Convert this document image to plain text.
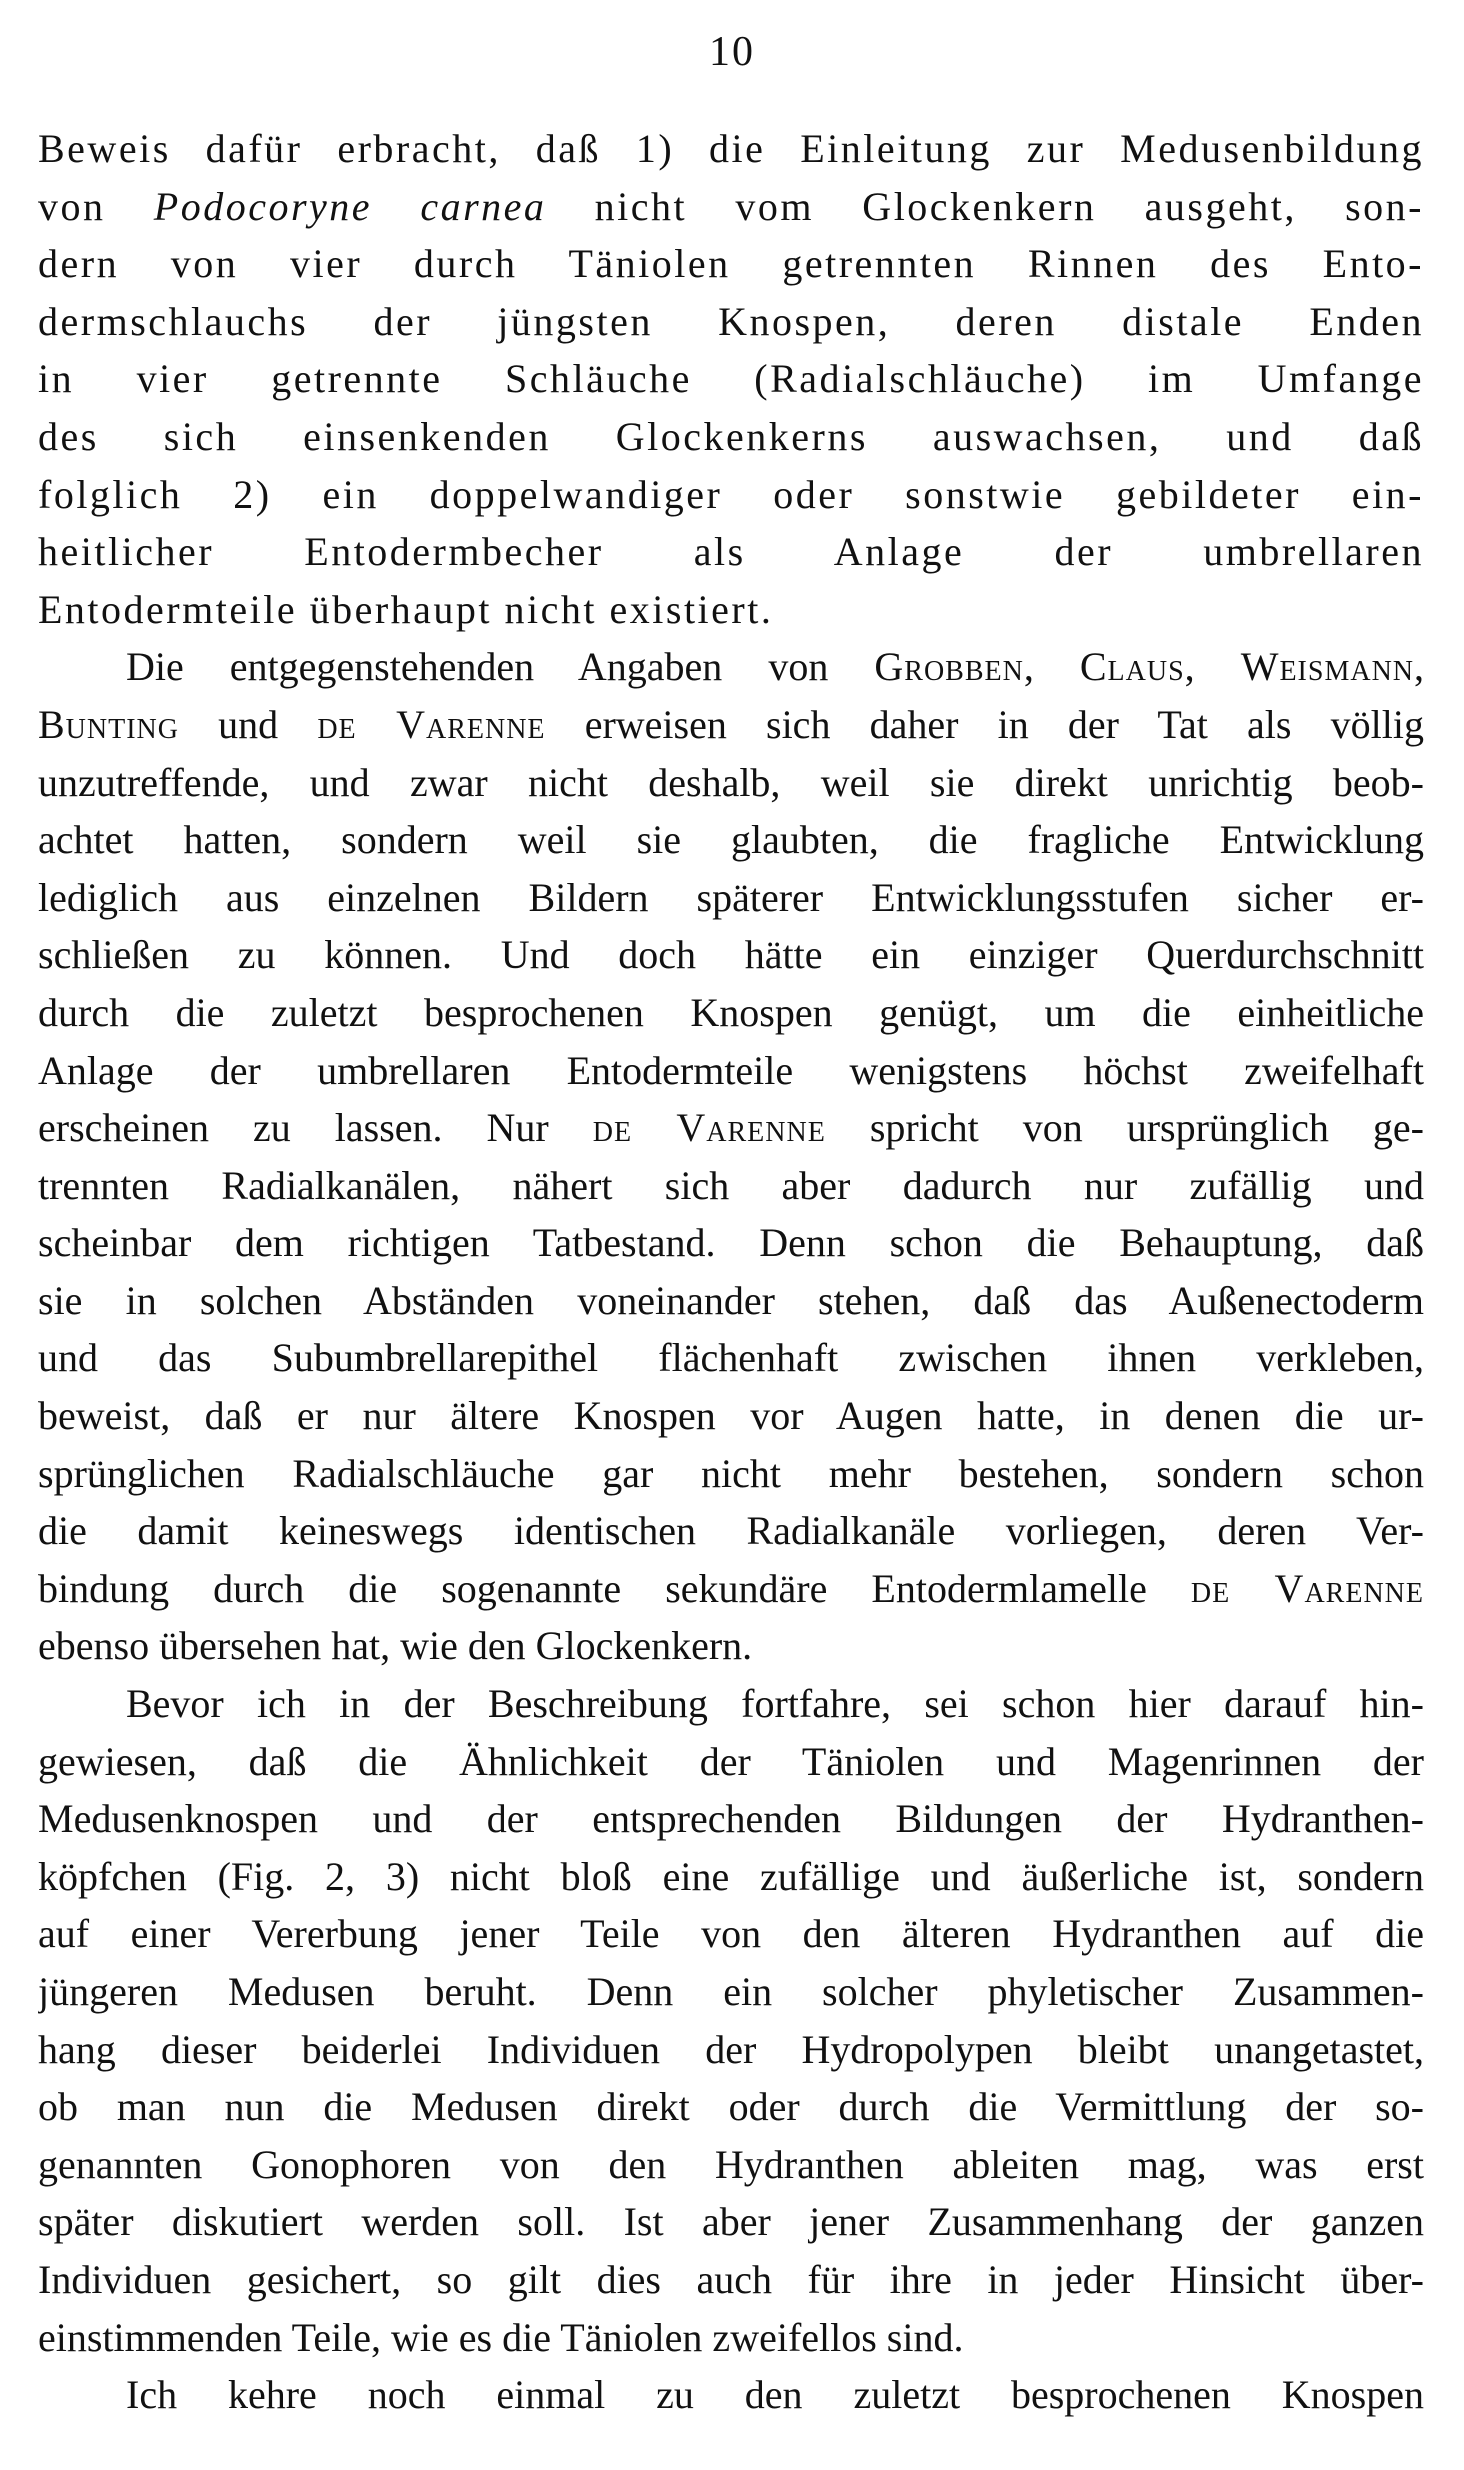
10
Beweis dafür erbracht, daß 1) die Einleitung zur Medusenbildung
von Podocoryne carnea nicht vom Glockenkern ausgeht, son-
dern von vier durch Täniolen getrennten Rinnen des Ento-
dermschlauchs der jüngsten Knospen, deren distale Enden
in vier getrennte Schläuche (Radialschläuche) im Umfange
des sich einsenkenden Glockenkerns auswachsen, und daß
folglich 2) ein doppelwandiger oder sonstwie gebildeter ein-
heitlicher Entodermbecher als Anlage der umbrellaren
Entodermteile überhaupt nicht existiert.
Die entgegenstehenden Angaben von Grobben, Claus, Weismann,
Bunting und de Varenne erweisen sich daher in der Tat als völlig
unzutreffende, und zwar nicht deshalb, weil sie direkt unrichtig beob-
achtet hatten, sondern weil sie glaubten, die fragliche Entwicklung
lediglich aus einzelnen Bildern späterer Entwicklungsstufen sicher er-
schließen zu können. Und doch hätte ein einziger Querdurchschnitt
durch die zuletzt besprochenen Knospen genügt, um die einheitliche
Anlage der umbrellaren Entodermteile wenigstens höchst zweifelhaft
erscheinen zu lassen. Nur de Varenne spricht von ursprünglich ge-
trennten Radialkanälen, nähert sich aber dadurch nur zufällig und
scheinbar dem richtigen Tatbestand. Denn schon die Behauptung, daß
sie in solchen Abständen voneinander stehen, daß das Außenectoderm
und das Subumbrellarepithel flächenhaft zwischen ihnen verkleben,
beweist, daß er nur ältere Knospen vor Augen hatte, in denen die ur-
sprünglichen Radialschläuche gar nicht mehr bestehen, sondern schon
die damit keineswegs identischen Radialkanäle vorliegen, deren Ver-
bindung durch die sogenannte sekundäre Entodermlamelle de Varenne
ebenso übersehen hat, wie den Glockenkern.
Bevor ich in der Beschreibung fortfahre, sei schon hier darauf hin-
gewiesen, daß die Ähnlichkeit der Täniolen und Magenrinnen der
Medusenknospen und der entsprechenden Bildungen der Hydranthen-
köpfchen (Fig. 2, 3) nicht bloß eine zufällige und äußerliche ist, sondern
auf einer Vererbung jener Teile von den älteren Hydranthen auf die
jüngeren Medusen beruht. Denn ein solcher phyletischer Zusammen-
hang dieser beiderlei Individuen der Hydropolypen bleibt unangetastet,
ob man nun die Medusen direkt oder durch die Vermittlung der so-
genannten Gonophoren von den Hydranthen ableiten mag, was erst
später diskutiert werden soll. Ist aber jener Zusammenhang der ganzen
Individuen gesichert, so gilt dies auch für ihre in jeder Hinsicht über-
einstimmenden Teile, wie es die Täniolen zweifellos sind.
Ich kehre noch einmal zu den zuletzt besprochenen Knospen
